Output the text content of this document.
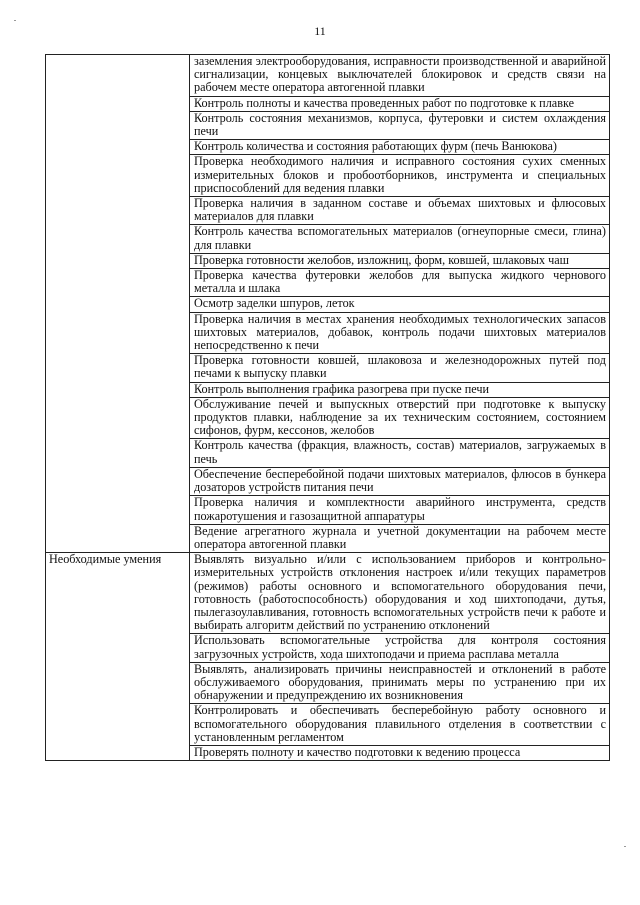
11
	заземления электрооборудования, исправности производственной и аварийной сигнализации, концевых выключателей блокировок и средств связи на рабочем месте оператора автогенной плавки
	Контроль полноты и качества проведенных работ по подготовке к плавке
	Контроль состояния механизмов, корпуса, футеровки и систем охлаждения печи
	Контроль количества и состояния работающих фурм (печь Ванюкова)
	Проверка необходимого наличия и исправного состояния сухих сменных измерительных блоков и пробоотборников, инструмента и специальных приспособлений для ведения плавки
	Проверка наличия в заданном составе и объемах шихтовых и флюсовых материалов для плавки
	Контроль качества вспомогательных материалов (огнеупорные смеси, глина) для плавки
	Проверка готовности желобов, изложниц, форм, ковшей, шлаковых чаш
	Проверка качества футеровки желобов для выпуска жидкого чернового металла и шлака
	Осмотр заделки шпуров, леток
	Проверка наличия в местах хранения необходимых технологических запасов шихтовых материалов, добавок, контроль подачи шихтовых материалов непосредственно к печи
	Проверка готовности ковшей, шлаковоза и железнодорожных путей под печами к выпуску плавки
	Контроль выполнения графика разогрева при пуске печи
	Обслуживание печей и выпускных отверстий при подготовке к выпуску продуктов плавки, наблюдение за их техническим состоянием, состоянием сифонов, фурм, кессонов, желобов
	Контроль качества (фракция, влажность, состав) материалов, загружаемых в печь
	Обеспечение бесперебойной подачи шихтовых материалов, флюсов в бункера дозаторов устройств питания печи
	Проверка наличия и комплектности аварийного инструмента, средств пожаротушения и газозащитной аппаратуры
	Ведение агрегатного журнала и учетной документации на рабочем месте оператора автогенной плавки
Необходимые умения	Выявлять визуально и/или с использованием приборов и контрольно-измерительных устройств отклонения настроек и/или текущих параметров (режимов) работы основного и вспомогательного оборудования печи, готовность (работоспособность) оборудования и ход шихтоподачи, дутья, пылегазоулавливания, готовность вспомогательных устройств печи к работе и выбирать алгоритм действий по устранению отклонений
	Использовать вспомогательные устройства для контроля состояния загрузочных устройств, хода шихтоподачи и приема расплава металла
	Выявлять, анализировать причины неисправностей и отклонений в работе обслуживаемого оборудования, принимать меры по устранению при их обнаружении и предупреждению их возникновения
	Контролировать и обеспечивать бесперебойную работу основного и вспомогательного оборудования плавильного отделения в соответствии с установленным регламентом
	Проверять полноту и качество подготовки к ведению процесса
